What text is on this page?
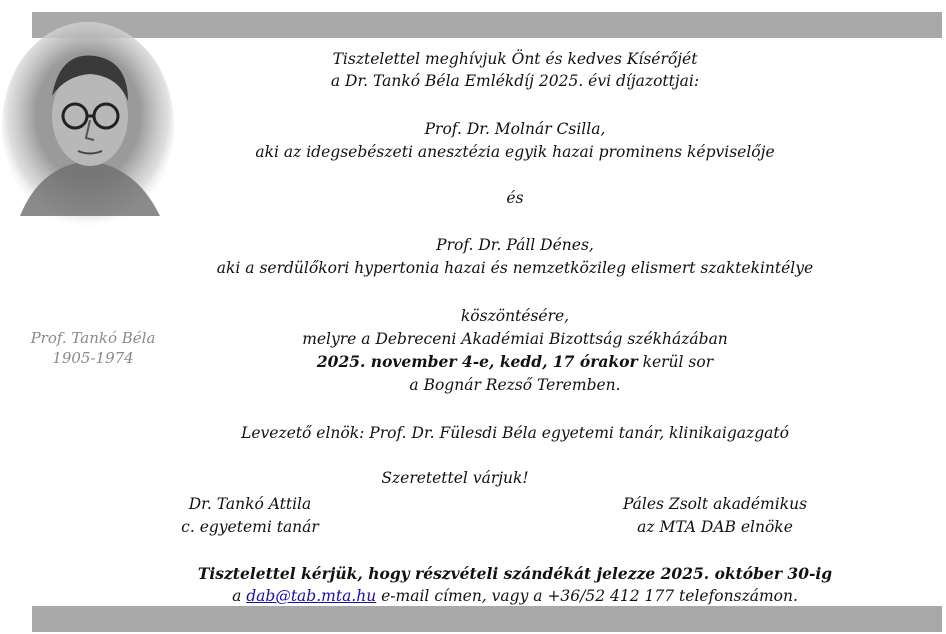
Prof. Tankó Béla
1905-1974
Tisztelettel meghívjuk Önt és kedves Kísérőjét
a Dr. Tankó Béla Emlékdíj 2025. évi díjazottjai:
Prof. Dr. Molnár Csilla,
aki az idegsebészeti anesztézia egyik hazai prominens képviselője
és
Prof. Dr. Páll Dénes,
aki a serdülőkori hypertonia hazai és nemzetközileg elismert szaktekintélye
köszöntésére,
melyre a Debreceni Akadémiai Bizottság székházában
2025. november 4-e, kedd, 17 órakor kerül sor
a Bognár Rezső Teremben.
Levezető elnök: Prof. Dr. Fülesdi Béla egyetemi tanár, klinikaigazgató
Szeretettel várjuk!
Dr. Tankó Attila
c. egyetemi tanár
Páles Zsolt akadémikus
az MTA DAB elnöke
Tisztelettel kérjük, hogy részvételi szándékát jelezze 2025. október 30-ig
a dab@tab.mta.hu e-mail címen, vagy a +36/52 412 177 telefonszámon.
